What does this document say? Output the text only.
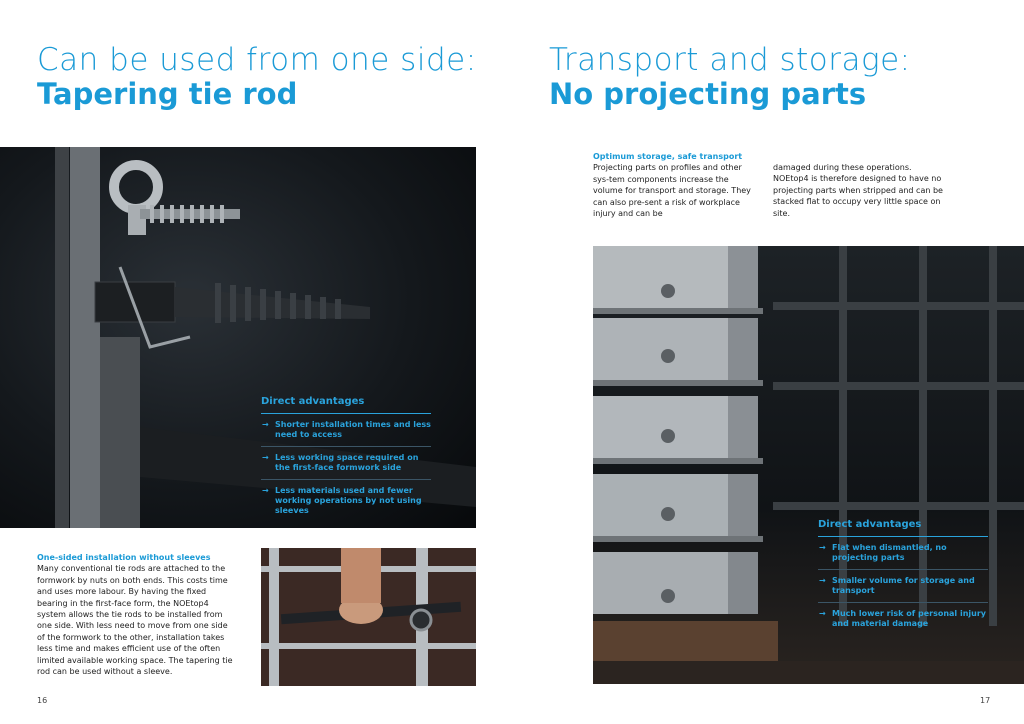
Can be used from one side:
Tapering tie rod
Transport and storage:
No projecting parts
Direct advantages
→ Shorter installation times and less need to access
→ Less working space required on the first-face formwork side
→ Less materials used and fewer working operations by not using sleeves
One-sided installation without sleeves
Many conventional tie rods are attached to the formwork by nuts on both ends. This costs time and uses more labour. By having the fixed bearing in the first-face form, the NOEtop4 system allows the tie rods to be installed from one side. With less need to move from one side of the formwork to the other, installation takes less time and makes efficient use of the often limited available working space. The tapering tie rod can be used without a sleeve.
Optimum storage, safe transport
Projecting parts on profiles and other sys-tem components increase the volume for transport and storage. They can also pre-sent a risk of workplace injury and can be
damaged during these operations. NOEtop4 is therefore designed to have no projecting parts when stripped and can be stacked flat to occupy very little space on site.
Direct advantages
→ Flat when dismantled, no projecting parts
→ Smaller volume for storage and transport
→ Much lower risk of personal injury and material damage
16	17
